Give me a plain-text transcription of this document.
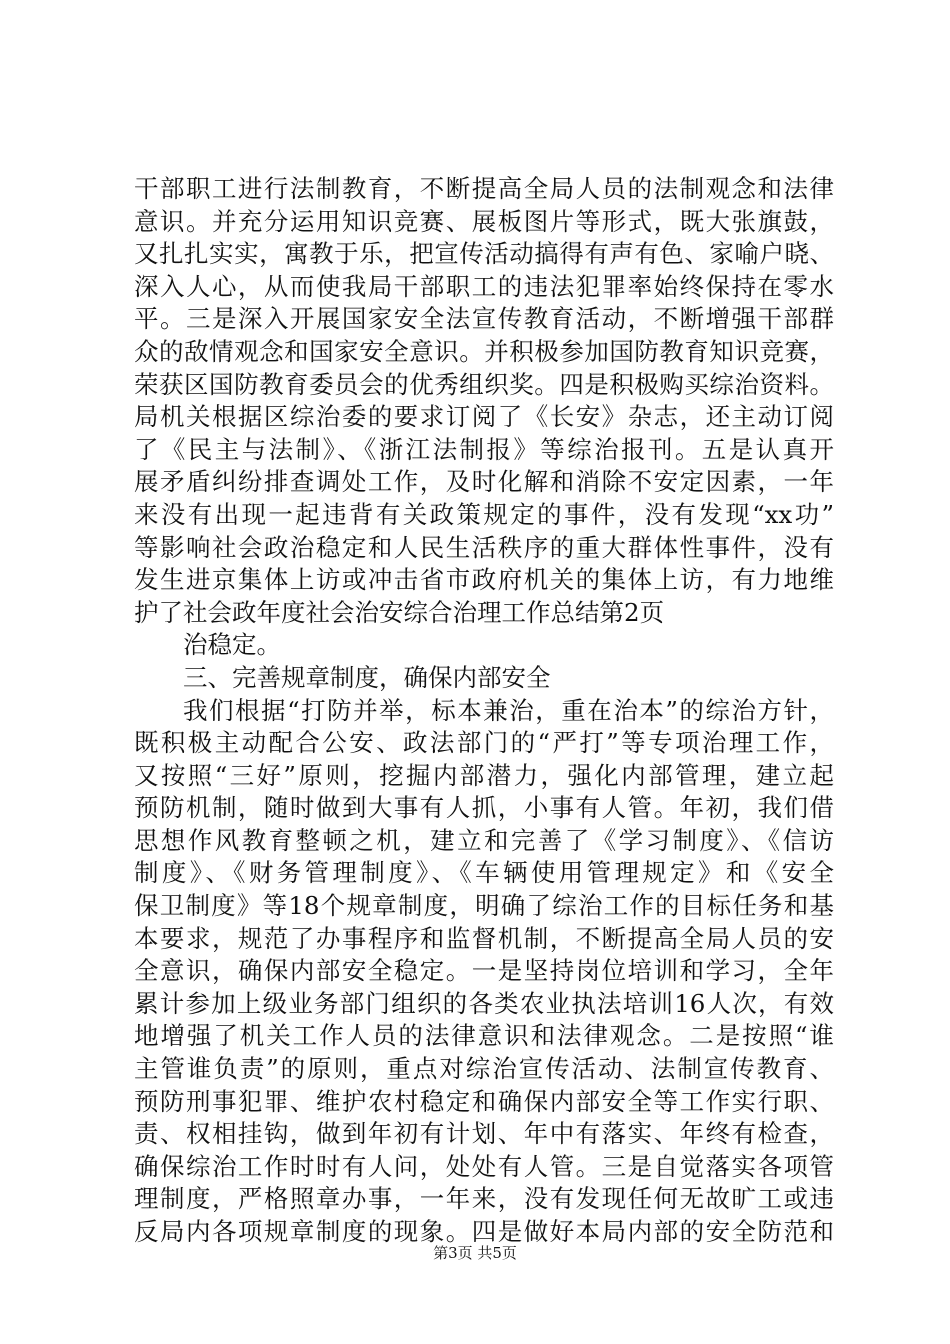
干部职工进行法制教育，不断提高全局人员的法制观念和法律
意识。并充分运用知识竞赛、展板图片等形式，既大张旗鼓，
又扎扎实实，寓教于乐，把宣传活动搞得有声有色、家喻户晓、
深入人心，从而使我局干部职工的违法犯罪率始终保持在零水
平。三是深入开展国家安全法宣传教育活动，不断增强干部群
众的敌情观念和国家安全意识。并积极参加国防教育知识竞赛，
荣获区国防教育委员会的优秀组织奖。四是积极购买综治资料。
局机关根据区综治委的要求订阅了《长安》杂志，还主动订阅
了《民主与法制》、《浙江法制报》等综治报刊。五是认真开
展矛盾纠纷排查调处工作，及时化解和消除不安定因素，一年
来没有出现一起违背有关政策规定的事件，没有发现“xx功”
等影响社会政治稳定和人民生活秩序的重大群体性事件，没有
发生进京集体上访或冲击省市政府机关的集体上访，有力地维
护了社会政年度社会治安综合治理工作总结第2页
治稳定。
三、完善规章制度，确保内部安全
我们根据“打防并举，标本兼治，重在治本”的综治方针，
既积极主动配合公安、政法部门的“严打”等专项治理工作，
又按照“三好”原则，挖掘内部潜力，强化内部管理，建立起
预防机制，随时做到大事有人抓，小事有人管。年初，我们借
思想作风教育整顿之机，建立和完善了《学习制度》、《信访
制度》、《财务管理制度》、《车辆使用管理规定》和《安全
保卫制度》等18个规章制度，明确了综治工作的目标任务和基
本要求，规范了办事程序和监督机制，不断提高全局人员的安
全意识，确保内部安全稳定。一是坚持岗位培训和学习，全年
累计参加上级业务部门组织的各类农业执法培训16人次，有效
地增强了机关工作人员的法律意识和法律观念。二是按照“谁
主管谁负责”的原则，重点对综治宣传活动、法制宣传教育、
预防刑事犯罪、维护农村稳定和确保内部安全等工作实行职、
责、权相挂钩，做到年初有计划、年中有落实、年终有检查，
确保综治工作时时有人问，处处有人管。三是自觉落实各项管
理制度，严格照章办事，一年来，没有发现任何无故旷工或违
反局内各项规章制度的现象。四是做好本局内部的安全防范和
第3页 共5页
